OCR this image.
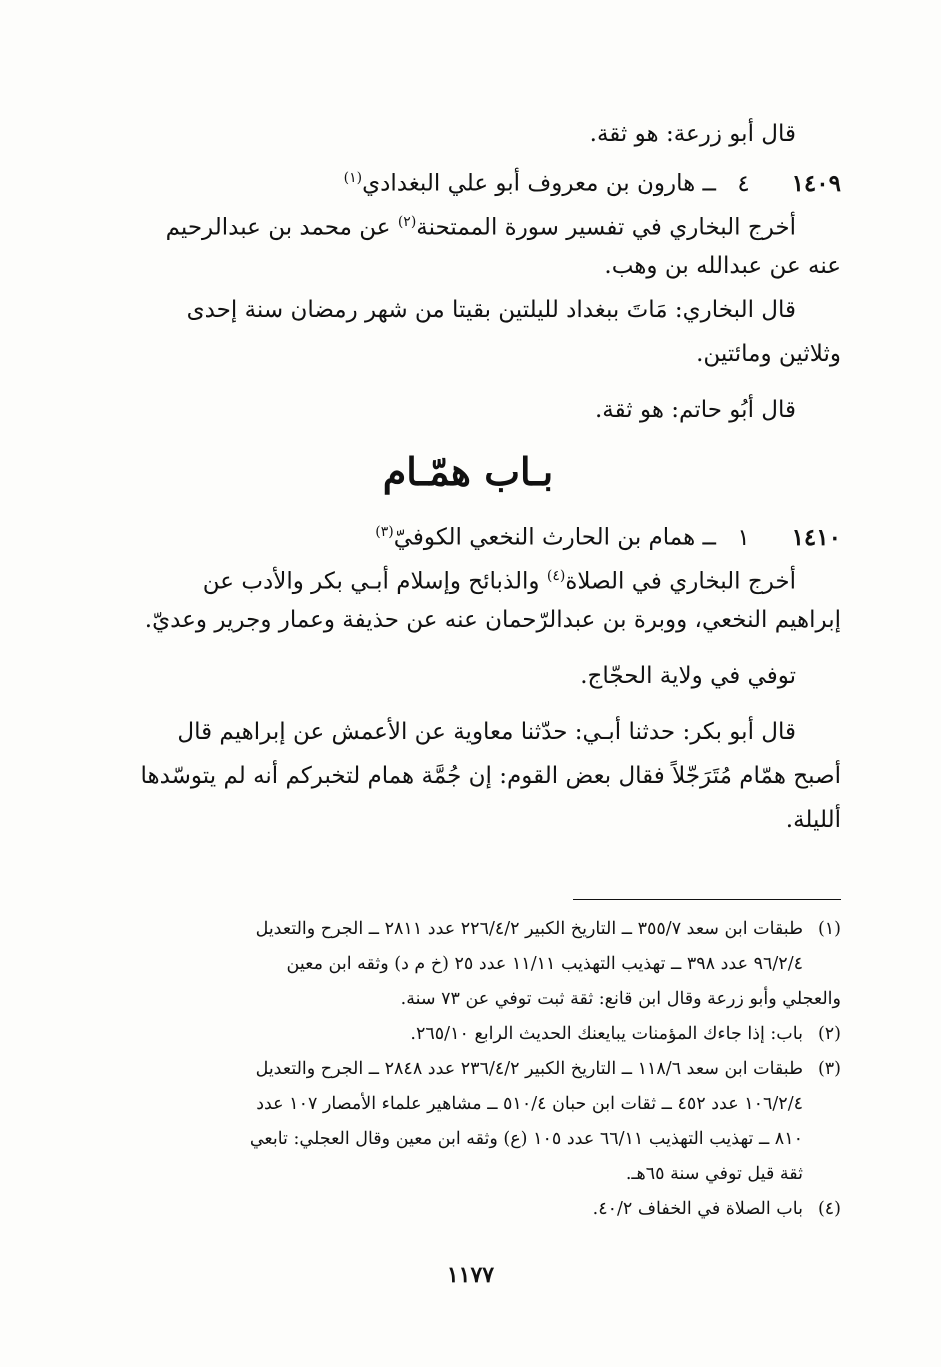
قال أبو زرعة: هو ثقة.
١٤٠٩٤ــ هارون بن معروف أبو علي البغدادي$^{(١)}$
أخرج البخاري في تفسير سورة الممتحنة$^{(٢)}$ عن محمد بن عبدالرحيم
عنه عن عبدالله بن وهب.
قال البخاري: مَاتَ ببغداد لليلتين بقيتا من شهر رمضان سنة إحدى
وثلاثين ومائتين.
قال أبُو حاتم: هو ثقة.
بـاب همّـام
١٤١٠١ــ همام بن الحارث النخعي الكوفيّ$^{(٣)}$
أخرج البخاري في الصلاة$^{(٤)}$ والذبائح وإسلام أبـي بكر والأدب عن
إبراهيم النخعي، ووبرة بن عبدالرّحمان عنه عن حذيفة وعمار وجرير وعديّ.
توفي في ولاية الحجّاج.
قال أبو بكر: حدثنا أبـي: حدّثنا معاوية عن الأعمش عن إبراهيم قال
أصبح همّام مُتَرَجّلاً فقال بعض القوم: إن جُمَّة همام لتخبركم أنه لم يتوسّدها
ألليلة.
(١)طبقات ابن سعد ٣٥٥/٧ ــ التاريخ الكبير ٢٢٦/٤/٢ عدد ٢٨١١ ــ الجرح والتعديل
٩٦/٢/٤ عدد ٣٩٨ ــ تهذيب التهذيب ١١/١١ عدد ٢٥ (خ م د) وثقه ابن معين
والعجلي وأبو زرعة وقال ابن قانع: ثقة ثبت توفي عن ٧٣ سنة.
(٢)باب: إذا جاءك المؤمنات يبايعنك الحديث الرابع ٢٦٥/١٠.
(٣)طبقات ابن سعد ١١٨/٦ ــ التاريخ الكبير ٢٣٦/٤/٢ عدد ٢٨٤٨ ــ الجرح والتعديل
١٠٦/٢/٤ عدد ٤٥٢ ــ ثقات ابن حبان ٥١٠/٤ ــ مشاهير علماء الأمصار ١٠٧ عدد
٨١٠ ــ تهذيب التهذيب ٦٦/١١ عدد ١٠٥ (ع) وثقه ابن معين وقال العجلي: تابعي
ثقة قيل توفي سنة ٦٥هـ.
(٤)باب الصلاة في الخفاف ٤٠/٢.
١١٧٧
